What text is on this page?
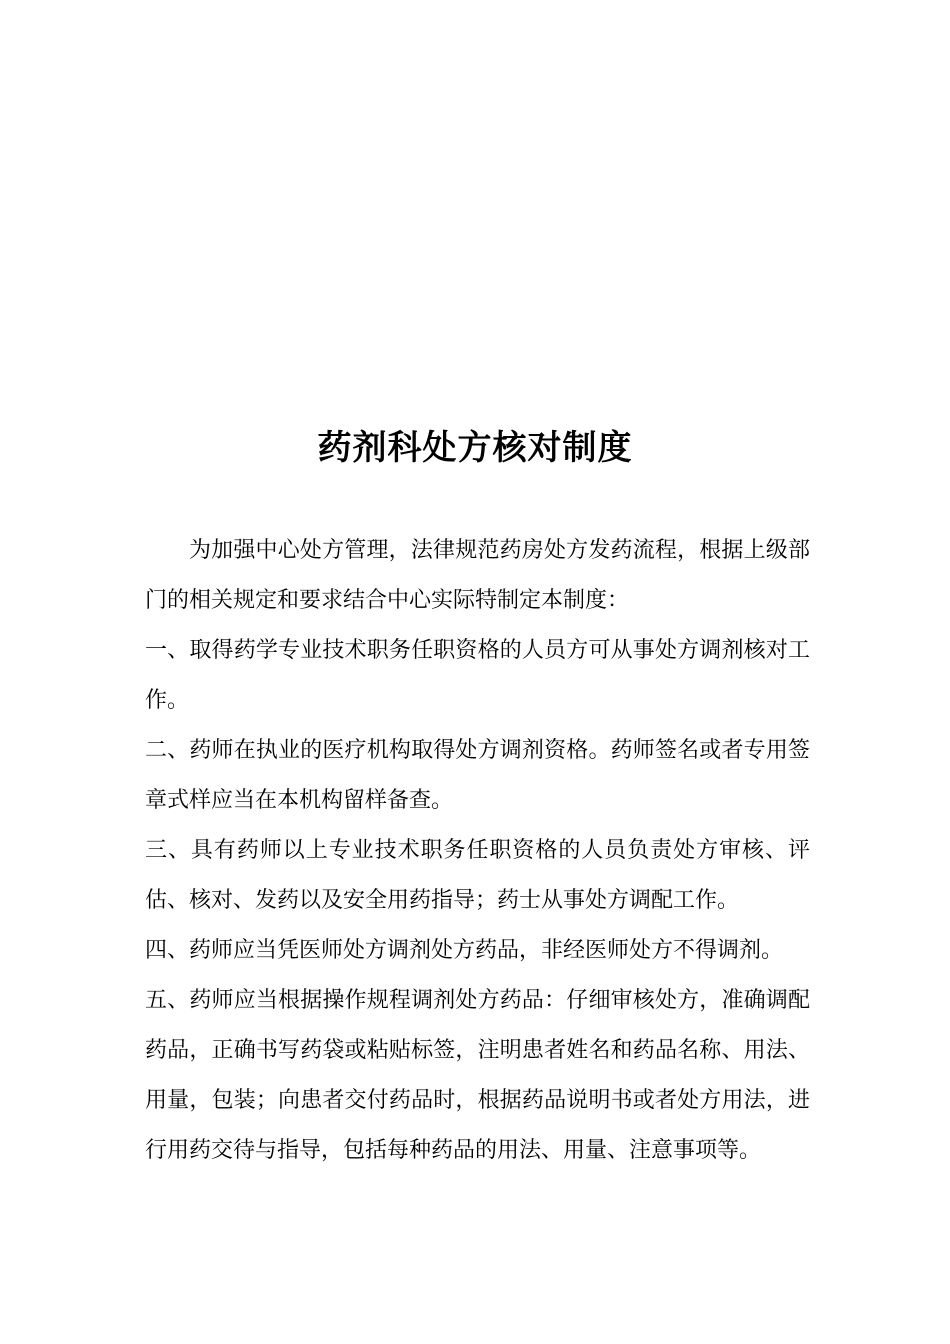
药剂科处方核对制度

为加强中心处方管理，法律规范药房处方发药流程，根据上级部门的相关规定和要求结合中心实际特制定本制度：

一、取得药学专业技术职务任职资格的人员方可从事处方调剂核对工作。

二、药师在执业的医疗机构取得处方调剂资格。药师签名或者专用签章式样应当在本机构留样备查。

三、具有药师以上专业技术职务任职资格的人员负责处方审核、评估、核对、发药以及安全用药指导；药士从事处方调配工作。

四、药师应当凭医师处方调剂处方药品，非经医师处方不得调剂。

五、药师应当根据操作规程调剂处方药品：仔细审核处方，准确调配药品，正确书写药袋或粘贴标签，注明患者姓名和药品名称、用法、用量，包装；向患者交付药品时，根据药品说明书或者处方用法，进行用药交待与指导，包括每种药品的用法、用量、注意事项等。
